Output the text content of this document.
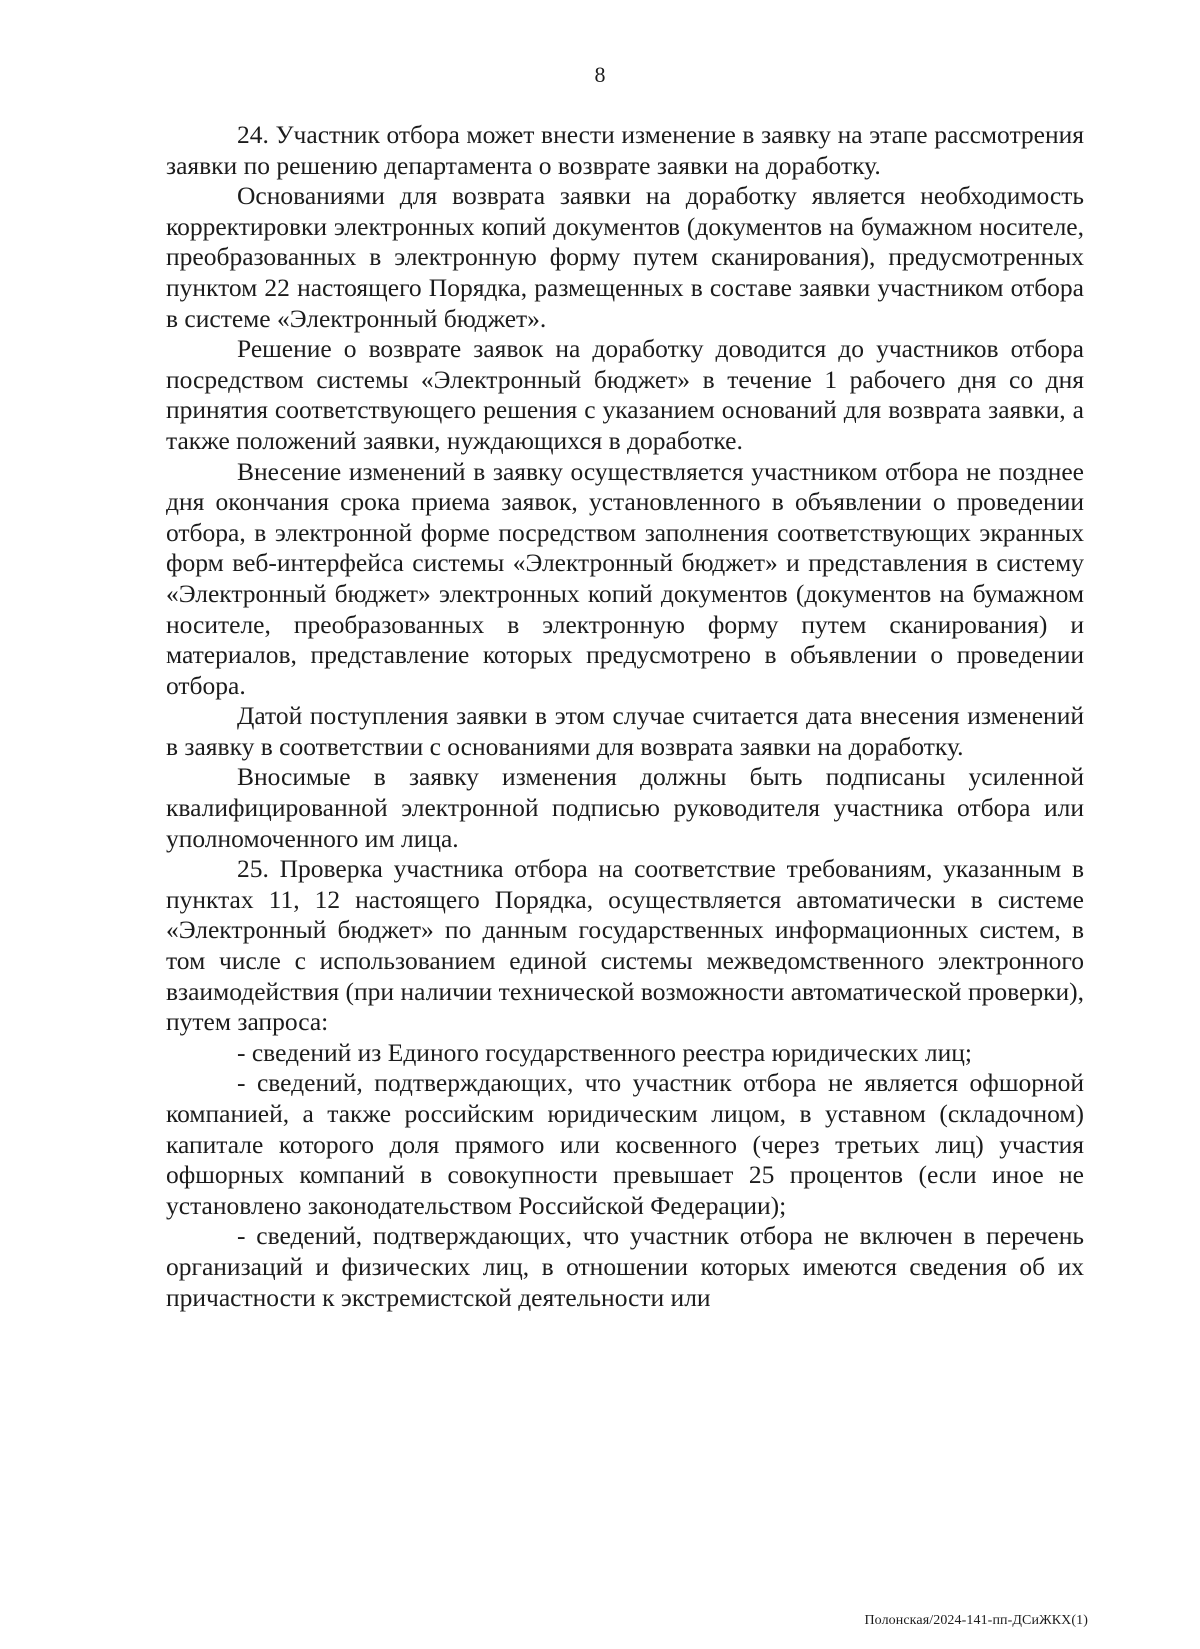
8

24. Участник отбора может внести изменение в заявку на этапе рассмотрения заявки по решению департамента о возврате заявки на доработку.

Основаниями для возврата заявки на доработку является необходимость корректировки электронных копий документов (документов на бумажном носителе, преобразованных в электронную форму путем сканирования), предусмотренных пунктом 22 настоящего Порядка, размещенных в составе заявки участником отбора в системе «Электронный бюджет».

Решение о возврате заявок на доработку доводится до участников отбора посредством системы «Электронный бюджет» в течение 1 рабочего дня со дня принятия соответствующего решения с указанием оснований для возврата заявки, а также положений заявки, нуждающихся в доработке.

Внесение изменений в заявку осуществляется участником отбора не позднее дня окончания срока приема заявок, установленного в объявлении о проведении отбора, в электронной форме посредством заполнения соответствующих экранных форм веб-интерфейса системы «Электронный бюджет» и представления в систему «Электронный бюджет» электронных копий документов (документов на бумажном носителе, преобразованных в электронную форму путем сканирования) и материалов, представление которых предусмотрено в объявлении о проведении отбора.

Датой поступления заявки в этом случае считается дата внесения изменений в заявку в соответствии с основаниями для возврата заявки на доработку.

Вносимые в заявку изменения должны быть подписаны усиленной квалифицированной электронной подписью руководителя участника отбора или уполномоченного им лица.

25. Проверка участника отбора на соответствие требованиям, указанным в пунктах 11, 12 настоящего Порядка, осуществляется автоматически в системе «Электронный бюджет» по данным государственных информационных систем, в том числе с использованием единой системы межведомственного электронного взаимодействия (при наличии технической возможности автоматической проверки), путем запроса:

- сведений из Единого государственного реестра юридических лиц;

- сведений, подтверждающих, что участник отбора не является офшорной компанией, а также российским юридическим лицом, в уставном (складочном) капитале которого доля прямого или косвенного (через третьих лиц) участия офшорных компаний в совокупности превышает 25 процентов (если иное не установлено законодательством Российской Федерации);

- сведений, подтверждающих, что участник отбора не включен в перечень организаций и физических лиц, в отношении которых имеются сведения об их причастности к экстремистской деятельности или

Полонская/2024-141-пп-ДСиЖКХ(1)
